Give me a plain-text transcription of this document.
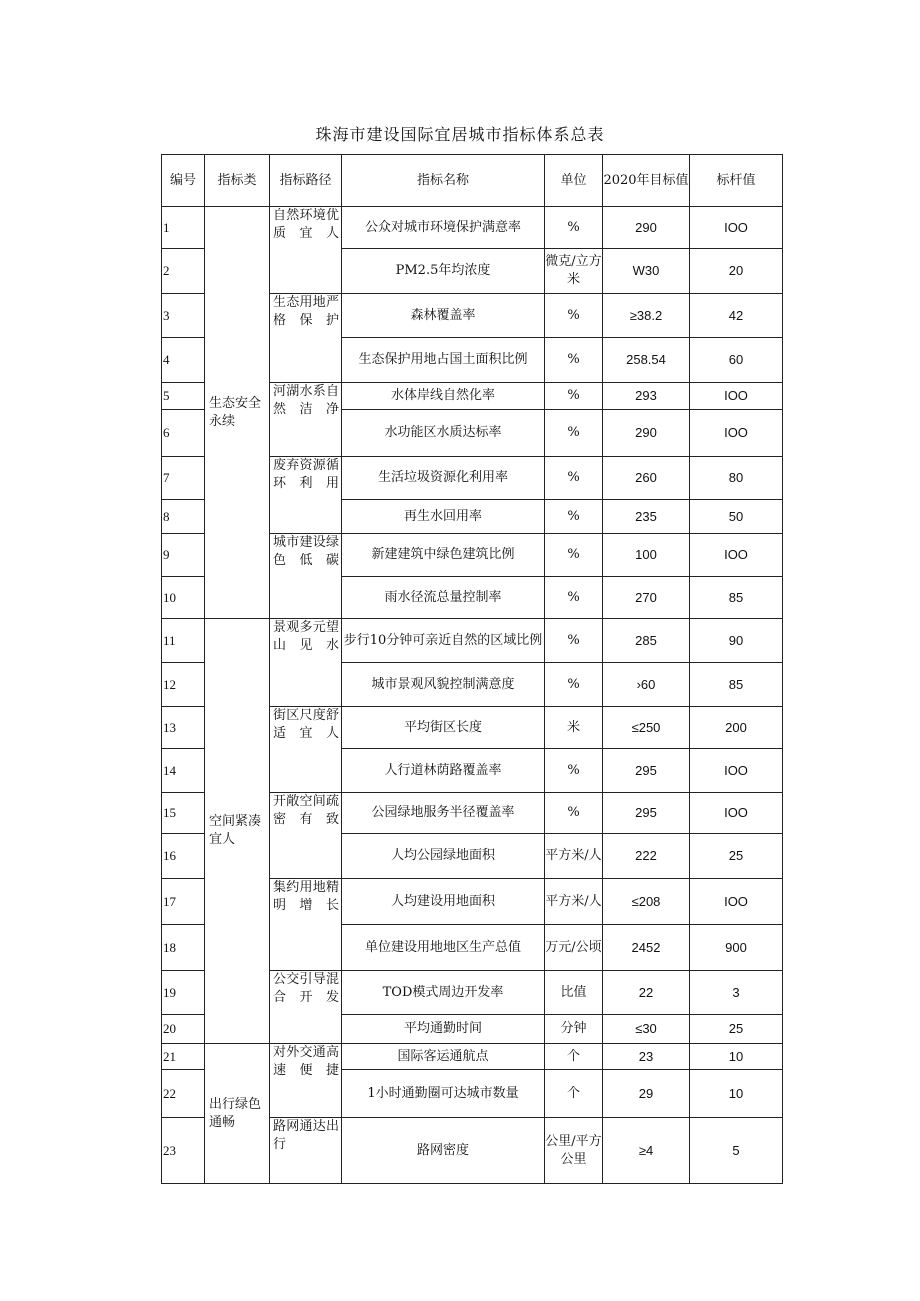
珠海市建设国际宜居城市指标体系总表
编号	指标类	指标路径	指标名称	单位	2020年目标值	标杆值
1	生态安全永续	自然环境优质宜人	公众对城市环境保护满意率	%	290	IOO
2			PM2.5年均浓度	微克/立方米	W30	20
3		生态用地严格保护	森林覆盖率	%	≥38.2	42
4			生态保护用地占国土面积比例	%	258.54	60
5		河湖水系自然洁净	水体岸线自然化率	%	293	IOO
6			水功能区水质达标率	%	290	IOO
7		废弃资源循环利用	生活垃圾资源化利用率	%	260	80
8			再生水回用率	%	235	50
9		城市建设绿色低碳	新建建筑中绿色建筑比例	%	100	IOO
10			雨水径流总量控制率	%	270	85
11	空间紧凑宜人	景观多元望山见水	步行10分钟可亲近自然的区域比例	%	285	90
12			城市景观风貌控制满意度	%	›60	85
13		街区尺度舒适宜人	平均街区长度	米	≤250	200
14			人行道林荫路覆盖率	%	295	IOO
15		开敞空间疏密有致	公园绿地服务半径覆盖率	%	295	IOO
16			人均公园绿地面积	平方米/人	222	25
17		集约用地精明增长	人均建设用地面积	平方米/人	≤208	IOO
18			单位建设用地地区生产总值	万元/公顷	2452	900
19		公交引导混合开发	TOD模式周边开发率	比值	22	3
20			平均通勤时间	分钟	≤30	25
21	出行绿色通畅	对外交通高速便捷	国际客运通航点	个	23	10
22			1小时通勤圈可达城市数量	个	29	10
23		路网通达出行	路网密度	公里/平方公里	≥4	5
